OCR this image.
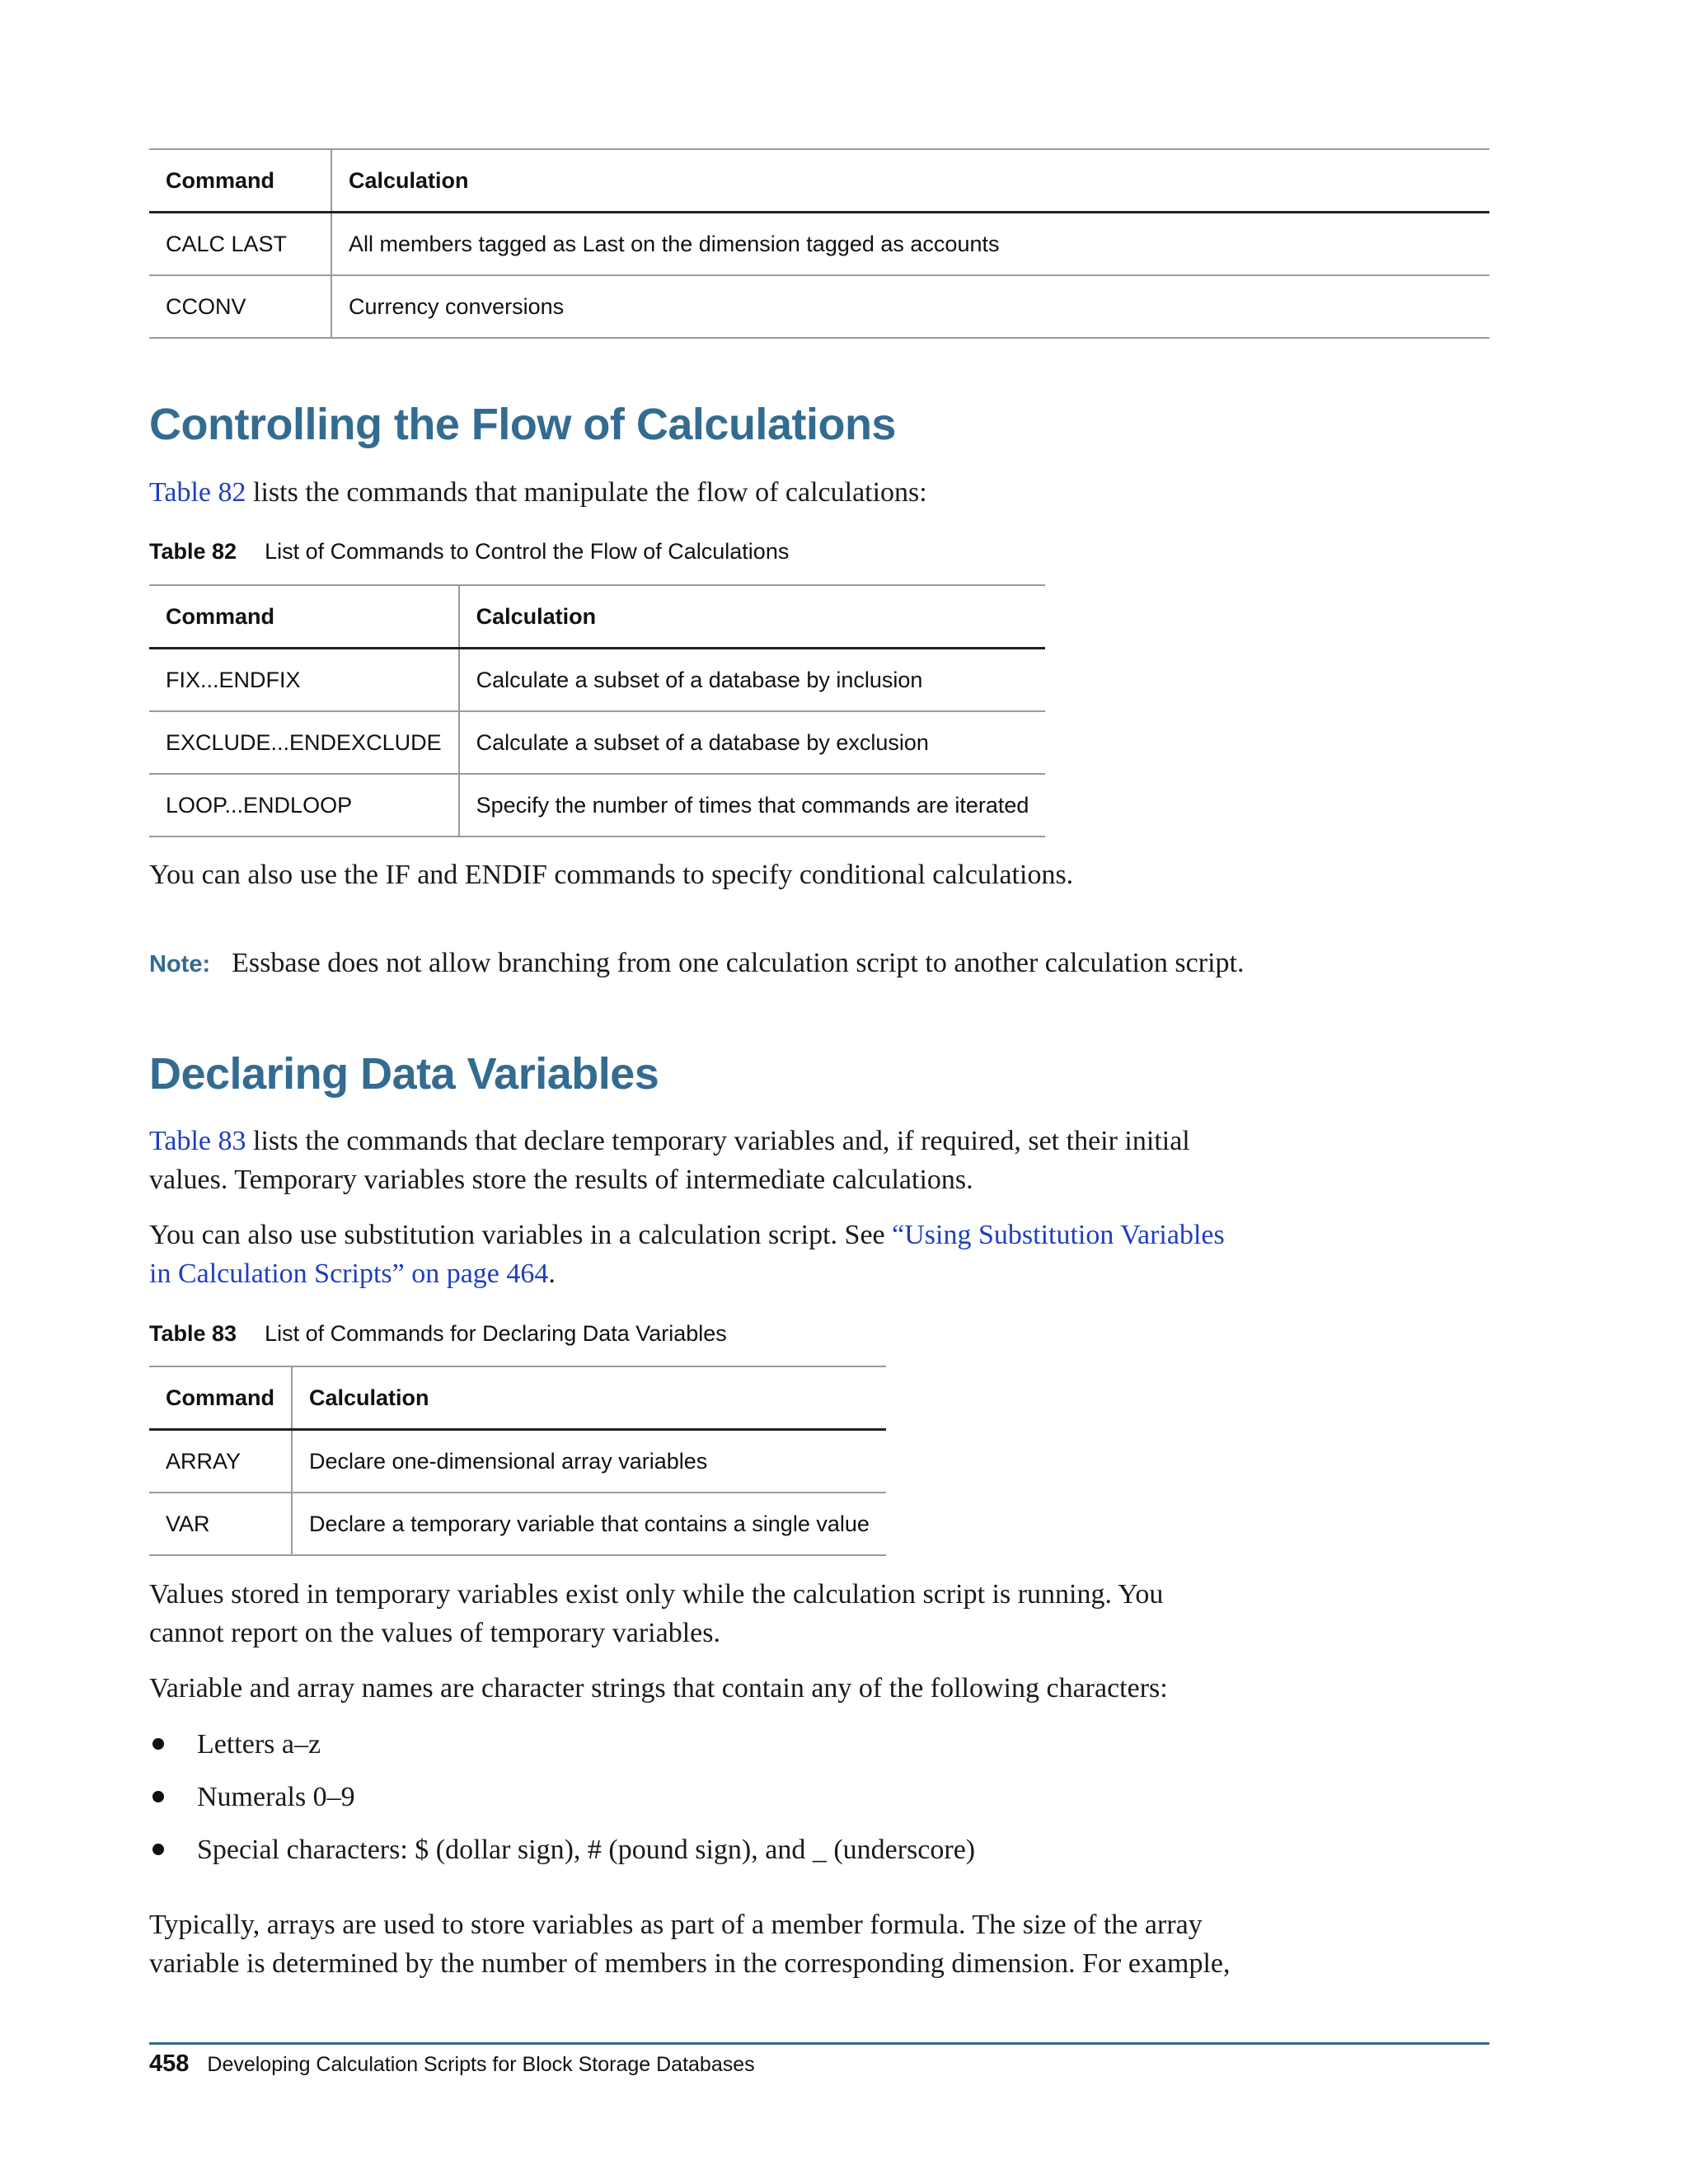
Command	Calculation
CALC LAST	All members tagged as Last on the dimension tagged as accounts
CCONV	Currency conversions
Controlling the Flow of Calculations

Table 82 lists the commands that manipulate the flow of calculations:

Table 82 List of Commands to Control the Flow of Calculations
Command	Calculation
FIX...ENDFIX	Calculate a subset of a database by inclusion
EXCLUDE...ENDEXCLUDE	Calculate a subset of a database by exclusion
LOOP...ENDLOOP	Specify the number of times that commands are iterated

You can also use the IF and ENDIF commands to specify conditional calculations.

Note: Essbase does not allow branching from one calculation script to another calculation script.

Declaring Data Variables

Table 83 lists the commands that declare temporary variables and, if required, set their initial
values. Temporary variables store the results of intermediate calculations.

You can also use substitution variables in a calculation script. See “Using Substitution Variables
in Calculation Scripts” on page 464.

Table 83 List of Commands for Declaring Data Variables
Command	Calculation
ARRAY	Declare one-dimensional array variables
VAR	Declare a temporary variable that contains a single value

Values stored in temporary variables exist only while the calculation script is running. You
cannot report on the values of temporary variables.

Variable and array names are character strings that contain any of the following characters:

Letters a–z
Numerals 0–9
Special characters: $ (dollar sign), # (pound sign), and _ (underscore)

Typically, arrays are used to store variables as part of a member formula. The size of the array
variable is determined by the number of members in the corresponding dimension. For example,

458 Developing Calculation Scripts for Block Storage Databases
